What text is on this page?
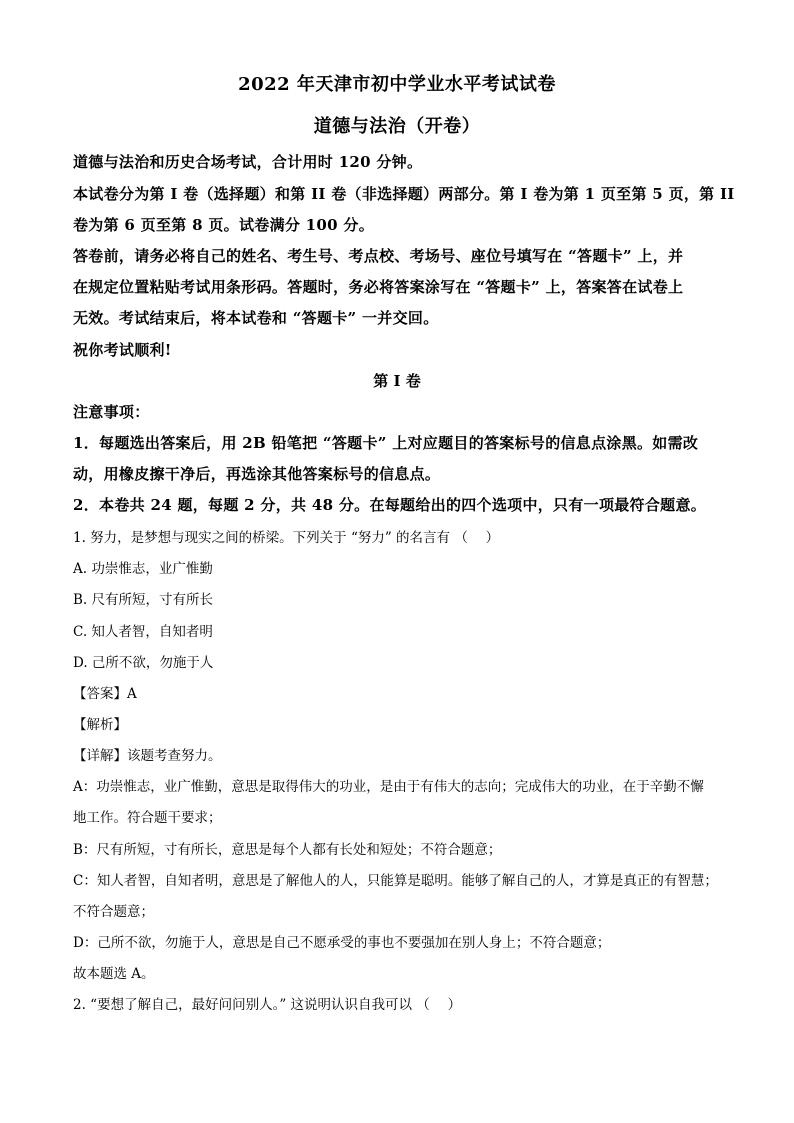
2022 年天津市初中学业水平考试试卷
道德与法治（开卷）
道德与法治和历史合场考试，合计用时 120 分钟。
本试卷分为第 I 卷（选择题）和第 II 卷（非选择题）两部分。第 I 卷为第 1 页至第 5 页，第 II
卷为第 6 页至第 8 页。试卷满分 100 分。
答卷前，请务必将自己的姓名、考生号、考点校、考场号、座位号填写在 “答题卡” 上，并
在规定位置粘贴考试用条形码。答题时，务必将答案涂写在 “答题卡” 上，答案答在试卷上
无效。考试结束后，将本试卷和 “答题卡” 一并交回。
祝你考试顺利!
第 I 卷
注意事项：
1．每题选出答案后，用 2B 铅笔把 “答题卡” 上对应题目的答案标号的信息点涂黑。如需改
动，用橡皮擦干净后，再选涂其他答案标号的信息点。
2．本卷共 24 题，每题 2 分，共 48 分。在每题给出的四个选项中，只有一项最符合题意。
1. 努力，是梦想与现实之间的桥梁。下列关于 “努力” 的名言有 （　 ）
A. 功崇惟志，业广惟勤
B. 尺有所短，寸有所长
C. 知人者智，自知者明
D. 己所不欲，勿施于人
【答案】A
【解析】
【详解】该题考查努力。
A：功崇惟志，业广惟勤，意思是取得伟大的功业，是由于有伟大的志向；完成伟大的功业，在于辛勤不懈
地工作。符合题干要求；
B：尺有所短，寸有所长，意思是每个人都有长处和短处；不符合题意；
C：知人者智，自知者明，意思是了解他人的人，只能算是聪明。能够了解自己的人，才算是真正的有智慧；
不符合题意；
D：己所不欲，勿施于人，意思是自己不愿承受的事也不要强加在别人身上；不符合题意；
故本题选 A。
2. “要想了解自己，最好问问别人。” 这说明认识自我可以 （　 ）
